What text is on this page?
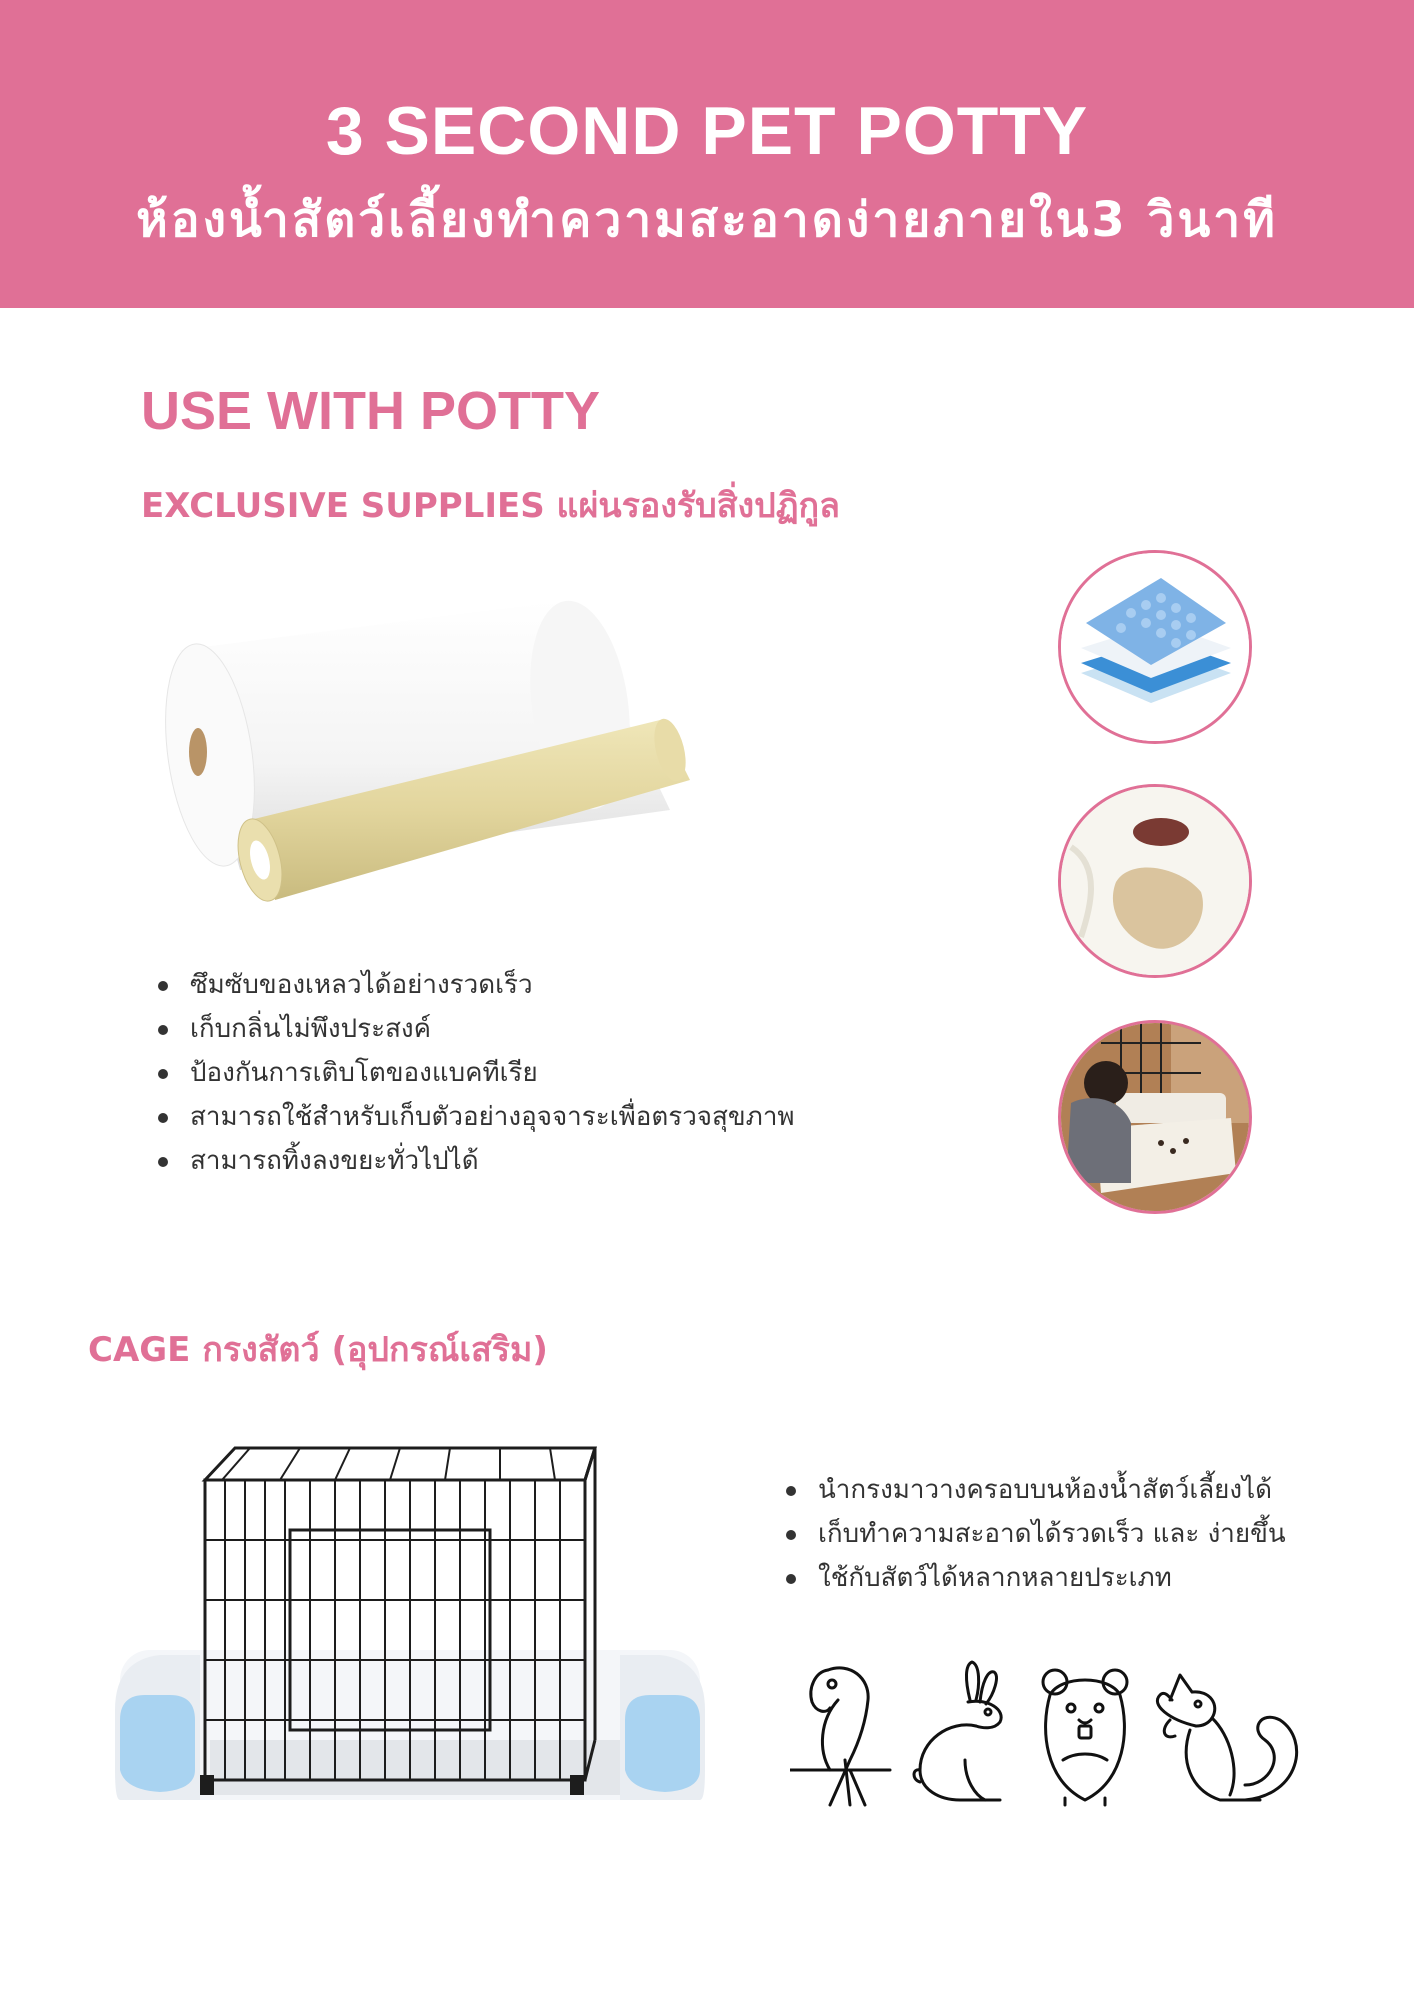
3 SECOND PET POTTY
ห้องน้ำสัตว์เลี้ยงทำความสะอาดง่ายภายใน3 วินาที
USE WITH POTTY
EXCLUSIVE SUPPLIES แผ่นรองรับสิ่งปฏิกูล
ซึมซับของเหลวได้อย่างรวดเร็ว
เก็บกลิ่นไม่พึงประสงค์
ป้องกันการเติบโตของแบคทีเรีย
สามารถใช้สำหรับเก็บตัวอย่างอุจจาระเพื่อตรวจสุขภาพ
สามารถทิ้งลงขยะทั่วไปได้
CAGE กรงสัตว์ (อุปกรณ์เสริม)
นำกรงมาวางครอบบนห้องน้ำสัตว์เลี้ยงได้
เก็บทำความสะอาดได้รวดเร็ว และ ง่ายขึ้น
ใช้กับสัตว์ได้หลากหลายประเภท
